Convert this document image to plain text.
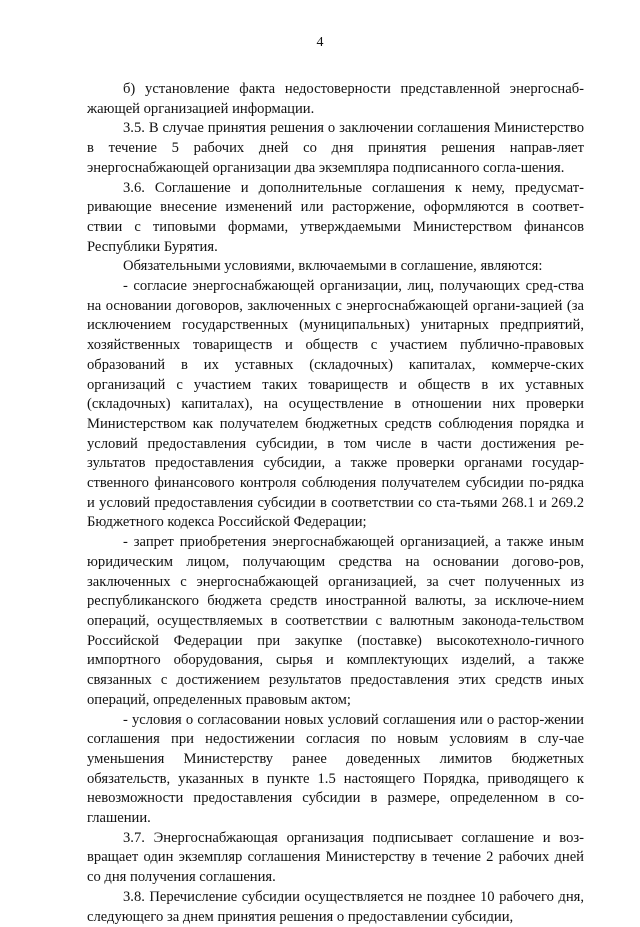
4

б) установление факта недостоверности представленной энергоснаб-жающей организацией информации.

3.5. В случае принятия решения о заключении соглашения Министерство в течение 5 рабочих дней со дня принятия решения направ-ляет энергоснабжающей организации два экземпляра подписанного согла-шения.

3.6. Соглашение и дополнительные соглашения к нему, предусмат-ривающие внесение изменений или расторжение, оформляются в соответ-ствии с типовыми формами, утверждаемыми Министерством финансов Республики Бурятия.

Обязательными условиями, включаемыми в соглашение, являются:

- согласие энергоснабжающей организации, лиц, получающих сред-ства на основании договоров, заключенных с энергоснабжающей органи-зацией (за исключением государственных (муниципальных) унитарных предприятий, хозяйственных товариществ и обществ с участием публично-правовых образований в их уставных (складочных) капиталах, коммерче-ских организаций с участием таких товариществ и обществ в их уставных (складочных) капиталах), на осуществление в отношении них проверки Министерством как получателем бюджетных средств соблюдения порядка и условий предоставления субсидии, в том числе в части достижения ре-зультатов предоставления субсидии, а также проверки органами государ-ственного финансового контроля соблюдения получателем субсидии по-рядка и условий предоставления субсидии в соответствии со ста-тьями 268.1 и 269.2 Бюджетного кодекса Российской Федерации;

- запрет приобретения энергоснабжающей организацией, а также иным юридическим лицом, получающим средства на основании догово-ров, заключенных с энергоснабжающей организацией, за счет полученных из республиканского бюджета средств иностранной валюты, за исключе-нием операций, осуществляемых в соответствии с валютным законода-тельством Российской Федерации при закупке (поставке) высокотехноло-гичного импортного оборудования, сырья и комплектующих изделий, а также связанных с достижением результатов предоставления этих средств иных операций, определенных правовым актом;

- условия о согласовании новых условий соглашения или о растор-жении соглашения при недостижении согласия по новым условиям в слу-чае уменьшения Министерству ранее доведенных лимитов бюджетных обязательств, указанных в пункте 1.5 настоящего Порядка, приводящего к невозможности предоставления субсидии в размере, определенном в со-глашении.

3.7. Энергоснабжающая организация подписывает соглашение и воз-вращает один экземпляр соглашения Министерству в течение 2 рабочих дней со дня получения соглашения.

3.8. Перечисление субсидии осуществляется не позднее 10 рабочего дня, следующего за днем принятия решения о предоставлении субсидии,
